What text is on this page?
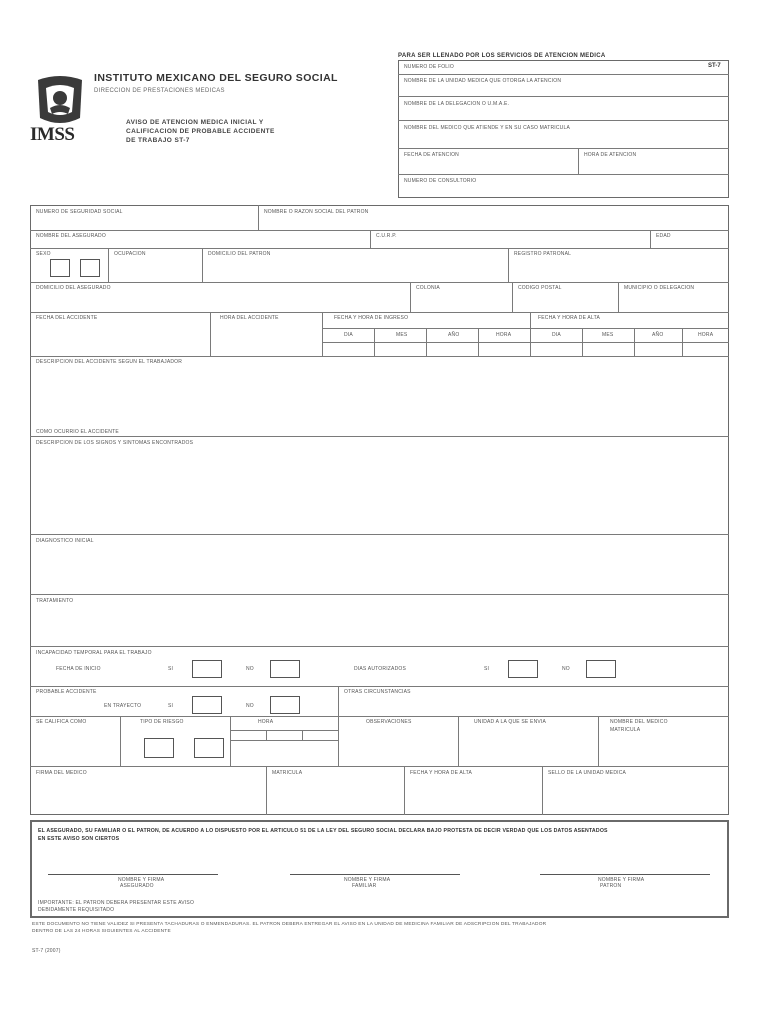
IMSS
INSTITUTO MEXICANO DEL SEGURO SOCIAL
DIRECCION DE PRESTACIONES MEDICAS
AVISO DE ATENCION MEDICA INICIAL Y
CALIFICACION DE PROBABLE ACCIDENTE
DE TRABAJO ST-7
PARA SER LLENADO POR LOS SERVICIOS DE ATENCION MEDICA
ST-7
NUMERO DE FOLIO
NOMBRE DE LA UNIDAD MEDICA QUE OTORGA LA ATENCION
NOMBRE DE LA DELEGACION O U.M.A.E.
NOMBRE DEL MEDICO QUE ATIENDE Y EN SU CASO MATRICULA
FECHA DE ATENCION	HORA DE ATENCION
NUMERO DE CONSULTORIO
NUMERO DE SEGURIDAD SOCIAL	NOMBRE O RAZON SOCIAL DEL PATRON
NOMBRE DEL ASEGURADO	C.U.R.P.	EDAD
SEXO	OCUPACION	DOMICILIO DEL PATRON	REGISTRO PATRONAL
DOMICILIO DEL ASEGURADO	COLONIA	CODIGO POSTAL	MUNICIPIO O DELEGACION
FECHA DEL ACCIDENTE	HORA DEL ACCIDENTE	FECHA Y HORA DE INGRESO	FECHA Y HORA DE ALTA
DIA	MES	AÑO	HORA	DIA	MES	AÑO	HORA
DESCRIPCION DEL ACCIDENTE SEGUN EL TRABAJADOR
COMO OCURRIO EL ACCIDENTE
DESCRIPCION DE LOS SIGNOS Y SINTOMAS ENCONTRADOS
DIAGNOSTICO INICIAL
TRATAMIENTO
INCAPACIDAD TEMPORAL PARA EL TRABAJO
FECHA DE INICIO	SI	NO	DIAS AUTORIZADOS	SI	NO
PROBABLE ACCIDENTE
EN TRAYECTO	SI	NO
OTRAS CIRCUNSTANCIAS
SE CALIFICA COMO	TIPO DE RIESGO	HORA	OBSERVACIONES	UNIDAD A LA QUE SE ENVIA	NOMBRE DEL MEDICO
MATRICULA
FIRMA DEL MEDICO	MATRICULA	FECHA Y HORA DE ALTA	SELLO DE LA UNIDAD MEDICA
EL ASEGURADO, SU FAMILIAR O EL PATRON, DE ACUERDO A LO DISPUESTO POR EL ARTICULO 51 DE LA LEY DEL SEGURO SOCIAL DECLARA BAJO PROTESTA DE DECIR VERDAD QUE LOS DATOS ASENTADOS
EN ESTE AVISO SON CIERTOS
NOMBRE Y FIRMA
ASEGURADO
NOMBRE Y FIRMA
FAMILIAR
NOMBRE Y FIRMA
PATRON
IMPORTANTE: EL PATRON DEBERA PRESENTAR ESTE AVISO
DEBIDAMENTE REQUISITADO
ESTE DOCUMENTO NO TIENE VALIDEZ SI PRESENTA TACHADURAS O ENMENDADURAS. EL PATRON DEBERA ENTREGAR EL AVISO EN LA UNIDAD DE MEDICINA FAMILIAR DE ADSCRIPCION DEL TRABAJADOR
DENTRO DE LAS 24 HORAS SIGUIENTES AL ACCIDENTE
ST-7 (2007)
